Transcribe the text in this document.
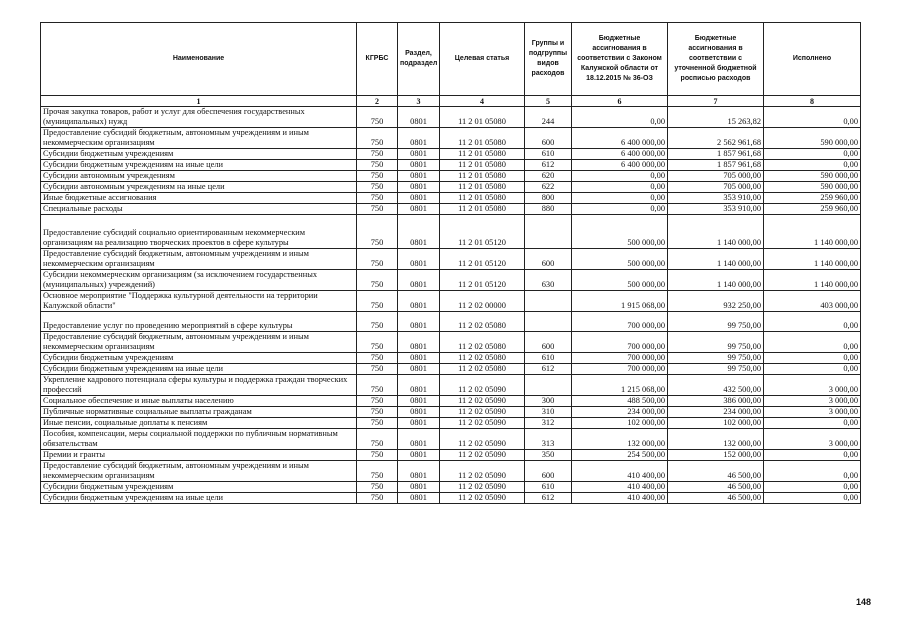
Наименование	КГРБС	Раздел, подраздел	Целевая статья	Группы и подгруппы видов расходов	Бюджетные ассигнования в соответствии с Законом Калужской области от 18.12.2015 № 36-ОЗ	Бюджетные ассигнования в соответствии с уточненной бюджетной росписью расходов	Исполнено
1	2	3	4	5	6	7	8
Прочая закупка товаров, работ и услуг для обеспечения государственных (муниципальных) нужд	750	0801	11 2 01 05080	244	0,00	15 263,82	0,00
Предоставление субсидий бюджетным, автономным учреждениям и иным некоммерческим организациям	750	0801	11 2 01 05080	600	6 400 000,00	2 562 961,68	590 000,00
Субсидии бюджетным учреждениям	750	0801	11 2 01 05080	610	6 400 000,00	1 857 961,68	0,00
Субсидии бюджетным учреждениям на иные цели	750	0801	11 2 01 05080	612	6 400 000,00	1 857 961,68	0,00
Субсидии автономным учреждениям	750	0801	11 2 01 05080	620	0,00	705 000,00	590 000,00
Субсидии автономным учреждениям на иные цели	750	0801	11 2 01 05080	622	0,00	705 000,00	590 000,00
Иные бюджетные ассигнования	750	0801	11 2 01 05080	800	0,00	353 910,00	259 960,00
Специальные расходы	750	0801	11 2 01 05080	880	0,00	353 910,00	259 960,00
Предоставление субсидий социально ориентированным некоммерческим организациям на реализацию творческих проектов в сфере культуры	750	0801	11 2 01 05120		500 000,00	1 140 000,00	1 140 000,00
Предоставление субсидий бюджетным, автономным учреждениям и иным некоммерческим организациям	750	0801	11 2 01 05120	600	500 000,00	1 140 000,00	1 140 000,00
Субсидии некоммерческим организациям (за исключением государственных (муниципальных) учреждений)	750	0801	11 2 01 05120	630	500 000,00	1 140 000,00	1 140 000,00
Основное мероприятие "Поддержка культурной деятельности на территории Калужской области"	750	0801	11 2 02 00000		1 915 068,00	932 250,00	403 000,00
Предоставление услуг по проведению мероприятий в сфере культуры	750	0801	11 2 02 05080		700 000,00	99 750,00	0,00
Предоставление субсидий бюджетным, автономным учреждениям и иным некоммерческим организациям	750	0801	11 2 02 05080	600	700 000,00	99 750,00	0,00
Субсидии бюджетным учреждениям	750	0801	11 2 02 05080	610	700 000,00	99 750,00	0,00
Субсидии бюджетным учреждениям на иные цели	750	0801	11 2 02 05080	612	700 000,00	99 750,00	0,00
Укрепление кадрового потенциала сферы культуры и поддержка граждан творческих профессий	750	0801	11 2 02 05090		1 215 068,00	432 500,00	3 000,00
Социальное обеспечение и иные выплаты населению	750	0801	11 2 02 05090	300	488 500,00	386 000,00	3 000,00
Публичные нормативные социальные выплаты гражданам	750	0801	11 2 02 05090	310	234 000,00	234 000,00	3 000,00
Иные пенсии, социальные доплаты к пенсиям	750	0801	11 2 02 05090	312	102 000,00	102 000,00	0,00
Пособия, компенсации, меры социальной поддержки по публичным нормативным обязательствам	750	0801	11 2 02 05090	313	132 000,00	132 000,00	3 000,00
Премии и гранты	750	0801	11 2 02 05090	350	254 500,00	152 000,00	0,00
Предоставление субсидий бюджетным, автономным учреждениям и иным некоммерческим организациям	750	0801	11 2 02 05090	600	410 400,00	46 500,00	0,00
Субсидии бюджетным учреждениям	750	0801	11 2 02 05090	610	410 400,00	46 500,00	0,00
Субсидии бюджетным учреждениям на иные цели	750	0801	11 2 02 05090	612	410 400,00	46 500,00	0,00
148
